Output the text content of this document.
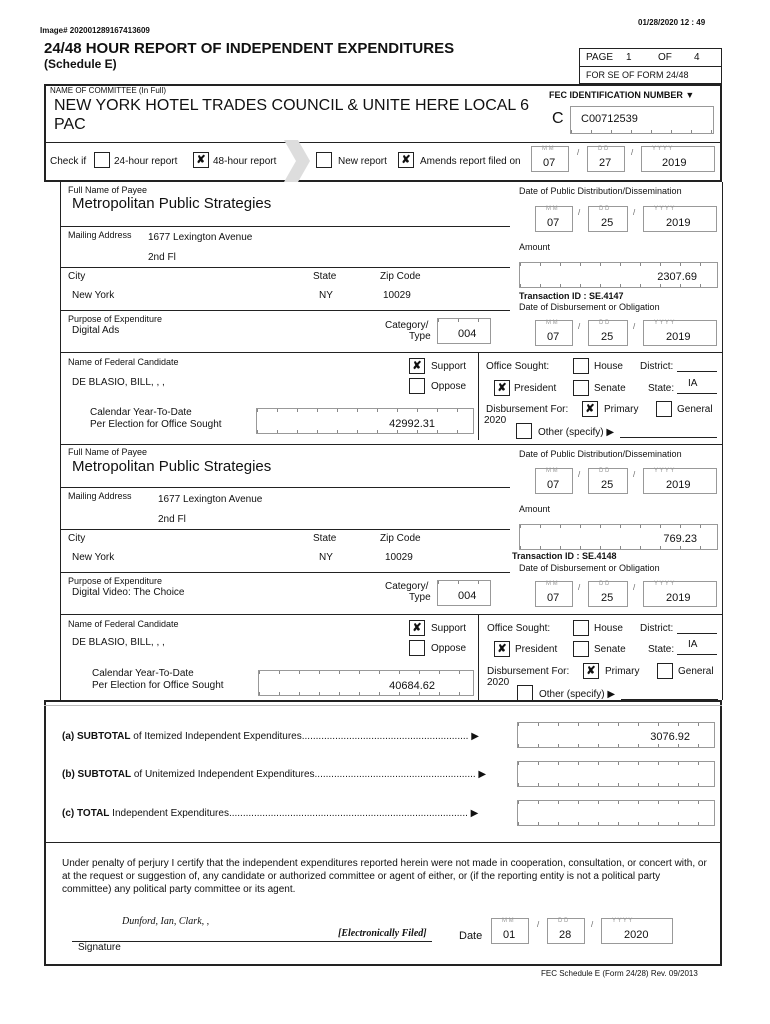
Image# 202001289167413609
01/28/2020 12 : 49
24/48 HOUR REPORT OF INDEPENDENT EXPENDITURES
(Schedule E)	PAGE 1	OF 4
FOR SE OF FORM 24/48
NAME OF COMMITTEE (In Full)
NEW YORK HOTEL TRADES COUNCIL & UNITE HERE LOCAL 6
PAC
FEC IDENTIFICATION NUMBER ▼
C C00712539
Check if	24-hour report	✘ 48-hour report	New report	✘ Amends report filed on
M M
07
/	D D
27
/	Y Y Y Y
2019
Full Name of Payee
Metropolitan Public Strategies
Date of Public Distribution/Dissemination
M M
07
/	D D
25
/	Y Y Y Y
2019
Mailing Address 1677 Lexington Avenue
2nd Fl
Amount
2307.69
City	State	Zip Code
New York	NY	10029	Transaction ID : SE.4147
Date of Disbursement or Obligation
Purpose of Expenditure
Digital Ads	Category/
Type 004
M M
07
/	D D
25
/	Y Y Y Y
2019
Name of Federal Candidate
DE BLASIO, BILL, , ,
✘ Support
Oppose
Office Sought:	House District:
✘ President	Senate State: IA
Calendar Year-To-Date
Per Election for Office Sought	42992.31
Disbursement For:
2020
✘ Primary	General
Other (specify) ▶
Full Name of Payee
Metropolitan Public Strategies
Date of Public Distribution/Dissemination
M M
07
/	D D
25
/	Y Y Y Y
2019
Mailing Address	1677 Lexington Avenue
2nd Fl
Amount
769.23
City	State	Zip Code
New York	NY	10029	Transaction ID : SE.4148
Date of Disbursement or Obligation
Purpose of Expenditure
Digital Video: The Choice
Category/
Type 004
M M
07
/	D D
25
/	Y Y Y Y
2019
Name of Federal Candidate
DE BLASIO, BILL, , ,
✘ Support
Oppose
Office Sought:	House District:
✘ President	Senate State: IA
Calendar Year-To-Date
Per Election for Office Sought	40684.62
Disbursement For:
2020
✘ Primary	General
Other (specify) ▶
(a) SUBTOTAL of Itemized Independent Expenditures............................................................ ▶	3076.92
(b) SUBTOTAL of Unitemized Independent Expenditures.......................................................... ▶
(c) TOTAL Independent Expenditures...................................................................................... ▶
Under penalty of perjury I certify that the independent expenditures reported herein were not made in cooperation, consultation, or concert with, or at the request or suggestion of, any candidate or authorized committee or agent of either, or (if the reporting entity is not a political party committee) any political party committee or its agent.
Dunford, Ian, Clark, ,
[Electronically Filed]
Signature
Date
M M
01
/	D D
28
/	Y Y Y Y
2020
FEC Schedule E (Form 24/28) Rev. 09/2013
